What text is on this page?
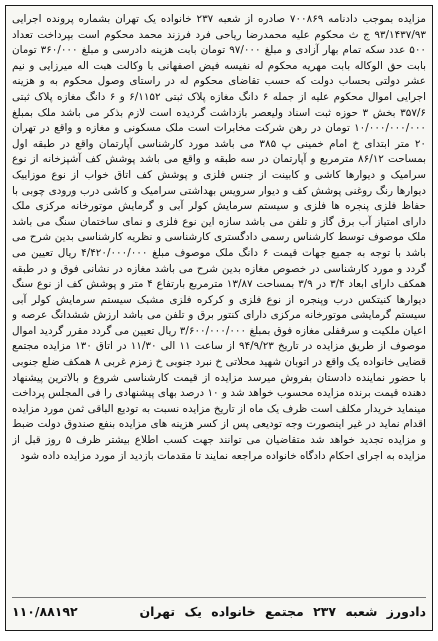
مزایده بموجب دادنامه ۷۰۰۸۶۹ صادره از شعبه ۲۳۷ خانواده یک تهران بشماره پرونده اجرایی ۹۳/۱۴۳۷/۹۳ ج ث محکوم علیه محمدرضا ریاحی فرد فرزند محمد محکوم است بپرداخت تعداد ۵۰۰ عدد سکه تمام بهار آزادی و مبلغ ۹۷/۰۰۰ تومان بابت هزینه دادرسی و مبلغ ۳۶۰/۰۰۰ تومان بابت حق الوکاله بابت مهریه محکوم له نفیسه فیض اصفهانی با وکالت هبت اله میرزایی و نیم عشر دولتی بحساب دولت که حسب تقاضای محکوم له در راستای وصول محکوم به و هزینه اجرایی اموال محکوم علیه از جمله ۶ دانگ مغازه پلاک ثبتی ۶/۱۱۵۲ و ۶ دانگ مغازه پلاک ثبتی ۳۵۷/۶ بخش ۳ حوزه ثبت اسناد ولیعصر بازداشت گردیده است لازم بذکر می باشد ملک بمبلغ ۱۰/۰۰۰/۰۰۰/۰۰۰ تومان در رهن شرکت مخابرات است ملک مسکونی و مغازه و واقع در تهران ۲۰ متر ابتدای خ امام خمینی پ ۳۸۵ می باشد مورد کارشناسی آپارتمان واقع در طبقه اول بمساحت ۸۶/۱۲ مترمربع و آپارتمان در سه طبقه و واقع می باشد پوشش کف آشپزخانه از نوع سرامیک و دیوارها کاشی و کابینت از جنس فلزی و پوشش کف اتاق خواب از نوع موزاییک دیوارها رنگ روغنی پوشش کف و دیوار سرویس بهداشتی سرامیک و کاشی درب ورودی چوبی با حفاظ فلزی پنجره ها فلزی و سیستم سرمایش کولر آبی و گرمایش موتورخانه مرکزی ملک دارای امتیاز آب برق گاز و تلفن می باشد سازه این نوع فلزی و نمای ساختمان سنگ می باشد ملک موصوف توسط کارشناس رسمی دادگستری کارشناسی و نظریه کارشناسی بدین شرح می باشد با توجه به جمیع جهات قیمت ۶ دانگ ملک موصوف مبلغ ۴/۴۲۰/۰۰۰/۰۰۰ ریال تعیین می گردد و مورد کارشناسی در خصوص مغازه بدین شرح می باشد مغازه در نشانی فوق و در طبقه همکف دارای ابعاد ۳/۴ در ۳/۹ بمساحت ۱۳/۸۷ مترمربع بارتفاع ۴ متر و پوشش کف از نوع سنگ دیوارها کنیتکس درب وپنجره از نوع فلزی و کرکره فلزی مشبک سیستم سرمایش کولر آبی سیستم گرمایشی موتورخانه مرکزی دارای کنتور برق و تلفن می باشد ارزش ششدانگ عرصه و اعیان ملکیت و سرقفلی مغازه فوق بمبلغ ۳/۶۰۰/۰۰۰/۰۰۰ ریال تعیین می گردد مقرر گردید اموال موصوف از طریق مزایده در تاریخ ۹۴/۹/۲۳ از ساعت ۱۱ الی ۱۱/۳۰ در اتاق ۱۳۰ مزایده مجتمع قضایی خانواده یک واقع در اتوبان شهید محلاتی خ نبرد جنوبی خ زمزم غربی ۸ همکف ضلع جنوبی با حضور نماینده دادستان بفروش میرسد مزایده از قیمت کارشناسی شروع و بالاترین پیشنهاد دهنده قیمت برنده مزایده محسوب خواهد شد و ۱۰ درصد بهای پیشنهادی را فی المجلس پرداخت مینماید خریدار مکلف است ظرف یک ماه از تاریخ مزایده نسبت به تودیع الباقی ثمن مورد مزایده اقدام نماید در غیر اینصورت وجه تودیعی پس از کسر هزینه های مزایده بنفع صندوق دولت ضبط و مزایده تجدید خواهد شد متقاضیان می توانند جهت کسب اطلاع بیشتر ظرف ۵ روز قبل از مزایده به اجرای احکام دادگاه خانواده مراجعه نمایند تا مقدمات بازدید از مورد مزایده داده شود
دادورز شعبه ۲۳۷ مجتمع خانواده یک تهران
۱۱۰/۸۸۱۹۲
